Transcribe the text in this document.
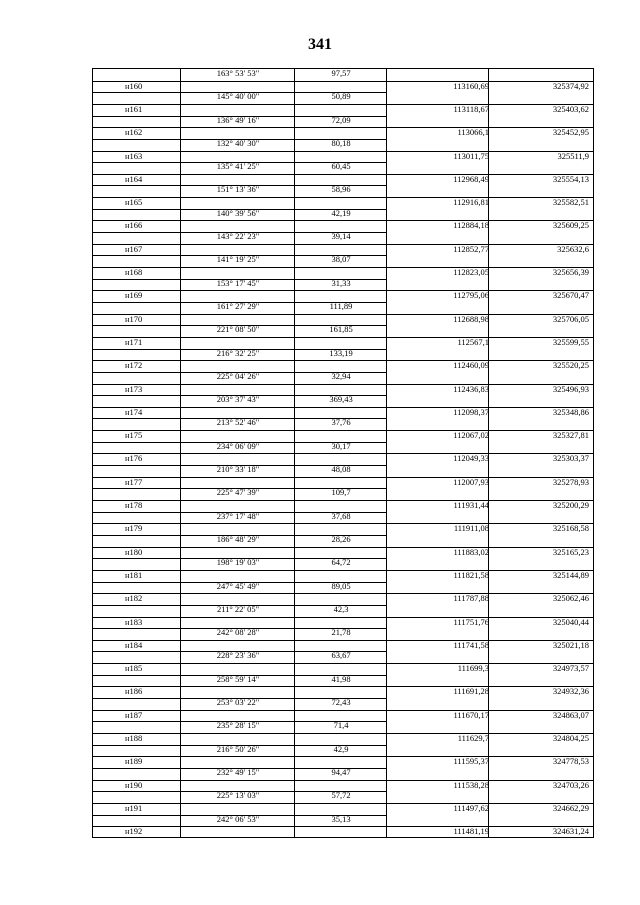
341
163° 53' 53"	97,57
н160	113160,69	325374,92
145° 40' 00"	50,89
н161	113118,67	325403,62
136° 49' 16"	72,09
н162	113066,1	325452,95
132° 40' 30"	80,18
н163	113011,75	325511,9
135° 41' 25"	60,45
н164	112968,49	325554,13
151° 13' 36"	58,96
н165	112916,81	325582,51
140° 39' 56"	42,19
н166	112884,18	325609,25
143° 22' 23"	39,14
н167	112852,77	325632,6
141° 19' 25"	38,07
н168	112823,05	325656,39
153° 17' 45"	31,33
н169	112795,06	325670,47
161° 27' 29"	111,89
н170	112688,98	325706,05
221° 08' 50"	161,85
н171	112567,1	325599,55
216° 32' 25"	133,19
н172	112460,09	325520,25
225° 04' 26"	32,94
н173	112436,83	325496,93
203° 37' 43"	369,43
н174	112098,37	325348,86
213° 52' 46"	37,76
н175	112067,02	325327,81
234° 06' 09"	30,17
н176	112049,33	325303,37
210° 33' 18"	48,08
н177	112007,93	325278,93
225° 47' 39"	109,7
н178	111931,44	325200,29
237° 17' 48"	37,68
н179	111911,08	325168,58
186° 48' 29"	28,26
н180	111883,02	325165,23
198° 19' 03"	64,72
н181	111821,58	325144,89
247° 45' 49"	89,05
н182	111787,88	325062,46
211° 22' 05"	42,3
н183	111751,76	325040,44
242° 08' 28"	21,78
н184	111741,58	325021,18
228° 23' 36"	63,67
н185	111699,3	324973,57
258° 59' 14"	41,98
н186	111691,28	324932,36
253° 03' 22"	72,43
н187	111670,17	324863,07
235° 28' 15"	71,4
н188	111629,7	324804,25
216° 50' 26"	42,9
н189	111595,37	324778,53
232° 49' 15"	94,47
н190	111538,28	324703,26
225° 13' 03"	57,72
н191	111497,62	324662,29
242° 06' 53"	35,13
н192	111481,19	324631,24
